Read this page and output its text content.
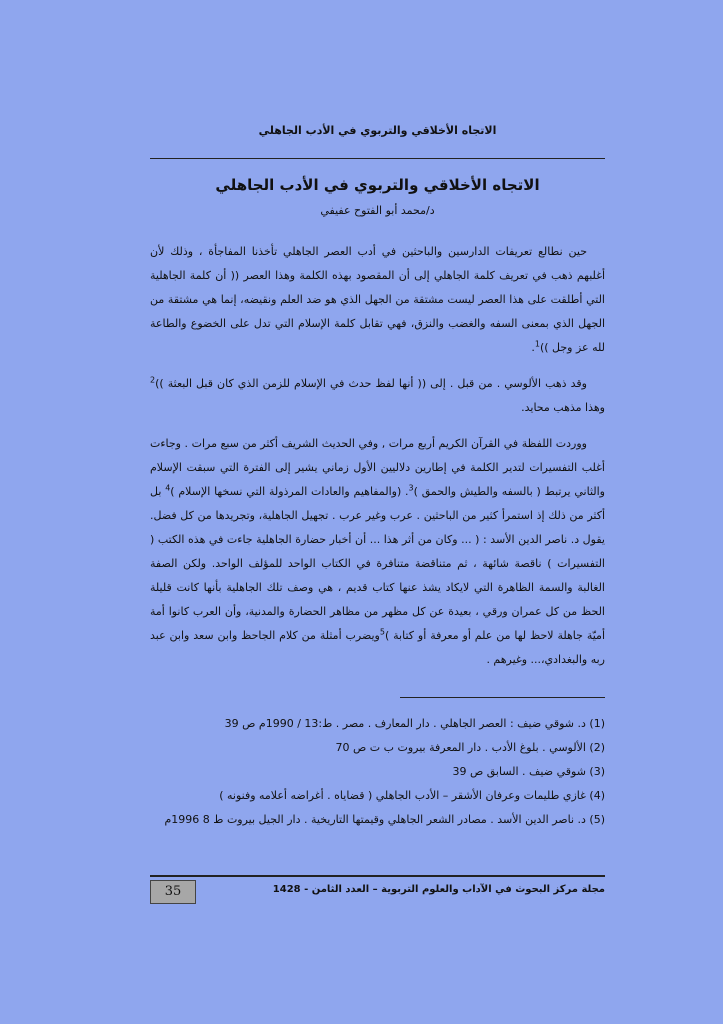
الاتجاه الأخلاقي والتربوي في الأدب الجاهلي
الاتجاه الأخلاقي والتربوي في الأدب الجاهلي
د/محمد أبو الفتوح عفيفي

حين نطالع تعريفات الدارسين والباحثين في أدب العصر الجاهلي تأخذنا المفاجأة ، وذلك لأن أغلبهم ذهب في تعريف كلمة الجاهلي إلى أن المقصود بهذه الكلمة وهذا العصر (( أن كلمة الجاهلية التي أطلقت على هذا العصر ليست مشتقة من الجهل الذي هو ضد العلم ونقيضه، إنما هي مشتقة من الجهل الذي بمعنى السفه والغضب والنزق، فهي تقابل كلمة الإسلام التي تدل على الخضوع والطاعة لله عز وجل ))$^1$.

وقد ذهب الألوسي . من قبل . إلى (( أنها لفظ حدث في الإسلام للزمن الذي كان قبل البعثة ))$^2$ وهذا مذهب محايد.

ووردت اللفظة في القرآن الكريم أربع مرات , وفي الحديث الشريف أكثر من سبع مرات . وجاءت أغلب التفسيرات لتدير الكلمة في إطارين دلاليين الأول زماني يشير إلى الفترة التي سبقت الإسلام والثاني يرتبط ( بالسفه والطيش والحمق )$^3$. (والمفاهيم والعادات المرذولة التي نسخها الإسلام )$^4$ بل أكثر من ذلك إذ استمرأ كثير من الباحثين . عرب وغير عرب . تجهيل الجاهلية، وتجريدها من كل فضل. يقول د. ناصر الدين الأسد : ( ... وكان من أثر هذا ... أن أخبار حضارة الجاهلية جاءت في هذه الكتب ( التفسيرات ) ناقصة شائهة ، ثم متناقضة متنافرة في الكتاب الواحد للمؤلف الواحد. ولكن الصفة الغالبة والسمة الظاهرة التي لايكاد يشذ عنها كتاب قديم ، هي وصف تلك الجاهلية بأنها كانت قليلة الحظ من كل عمران ورقي ، بعيدة عن كل مظهر من مظاهر الحضارة والمدنية، وأن العرب كانوا أمة أميّة جاهلة لاحظ لها من علم أو معرفة أو كتابة )$^5$ويضرب أمثلة من كلام الجاحظ وابن سعد وابن عبد ربه والبغدادي،... وغيرهم .

(1) د. شوقي ضيف : العصر الجاهلي . دار المعارف . مصر . ط:13 / 1990م ص 39
(2) الألوسي . بلوغ الأدب . دار المعرفة بيروت ب ت ص 70
(3) شوقي ضيف . السابق ص 39
(4) غازي طليمات وعرفان الأشقر – الأدب الجاهلي ( قضاياه . أغراضه أعلامه وفنونه )
(5) د. ناصر الدين الأسد . مصادر الشعر الجاهلي وقيمتها التاريخية . دار الجيل بيروت ط 8 1996م
مجلة مركز البحوث في الآداب والعلوم التربوية – العدد الثامن - 1428
35
